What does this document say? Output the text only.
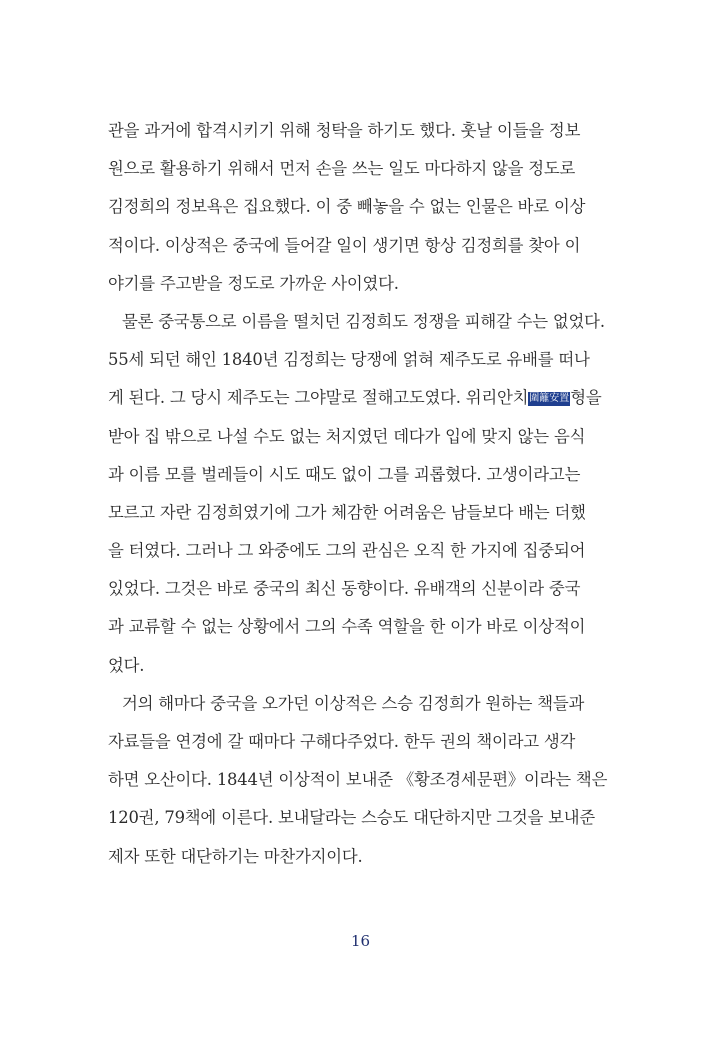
관을 과거에 합격시키기 위해 청탁을 하기도 했다. 훗날 이들을 정보
원으로 활용하기 위해서 먼저 손을 쓰는 일도 마다하지 않을 정도로
김정희의 정보욕은 집요했다. 이 중 빼놓을 수 없는 인물은 바로 이상
적이다. 이상적은 중국에 들어갈 일이 생기면 항상 김정희를 찾아 이
야기를 주고받을 정도로 가까운 사이였다.
물론 중국통으로 이름을 떨치던 김정희도 정쟁을 피해갈 수는 없었다.
55세 되던 해인 1840년 김정희는 당쟁에 얽혀 제주도로 유배를 떠나
게 된다. 그 당시 제주도는 그야말로 절해고도였다. 위리안치圍籬安置형을
받아 집 밖으로 나설 수도 없는 처지였던 데다가 입에 맞지 않는 음식
과 이름 모를 벌레들이 시도 때도 없이 그를 괴롭혔다. 고생이라고는
모르고 자란 김정희였기에 그가 체감한 어려움은 남들보다 배는 더했
을 터였다. 그러나 그 와중에도 그의 관심은 오직 한 가지에 집중되어
있었다. 그것은 바로 중국의 최신 동향이다. 유배객의 신분이라 중국
과 교류할 수 없는 상황에서 그의 수족 역할을 한 이가 바로 이상적이
었다.
거의 해마다 중국을 오가던 이상적은 스승 김정희가 원하는 책들과
자료들을 연경에 갈 때마다 구해다주었다. 한두 권의 책이라고 생각
하면 오산이다. 1844년 이상적이 보내준 《황조경세문편》이라는 책은
120권, 79책에 이른다. 보내달라는 스승도 대단하지만 그것을 보내준
제자 또한 대단하기는 마찬가지이다.
16
